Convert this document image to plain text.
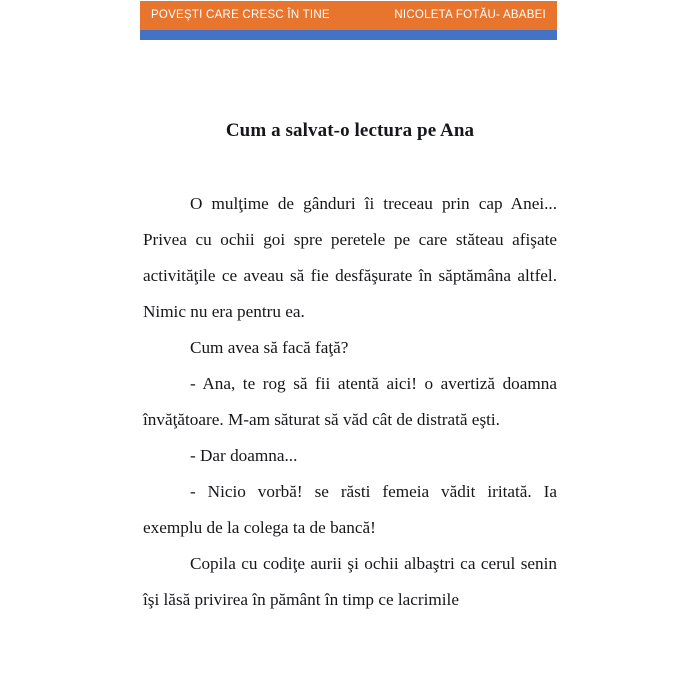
POVEŞTI CARE CRESC ÎN TINE	NICOLETA FOTĂU- ABABEI
Cum a salvat-o lectura pe Ana

O mulţime de gânduri îi treceau prin cap Anei... Privea cu ochii goi spre peretele pe care stăteau afişate activităţile ce aveau să fie desfăşurate în săptămâna altfel. Nimic nu era pentru ea.

Cum avea să facă faţă?

- Ana, te rog să fii atentă aici! o avertiză doamna învăţătoare. M-am săturat să văd cât de distrată eşti.

- Dar doamna...

- Nicio vorbă! se răsti femeia vădit iritată. Ia exemplu de la colega ta de bancă!

Copila cu codiţe aurii şi ochii albaştri ca cerul senin îşi lăsă privirea în pământ în timp ce lacrimile
